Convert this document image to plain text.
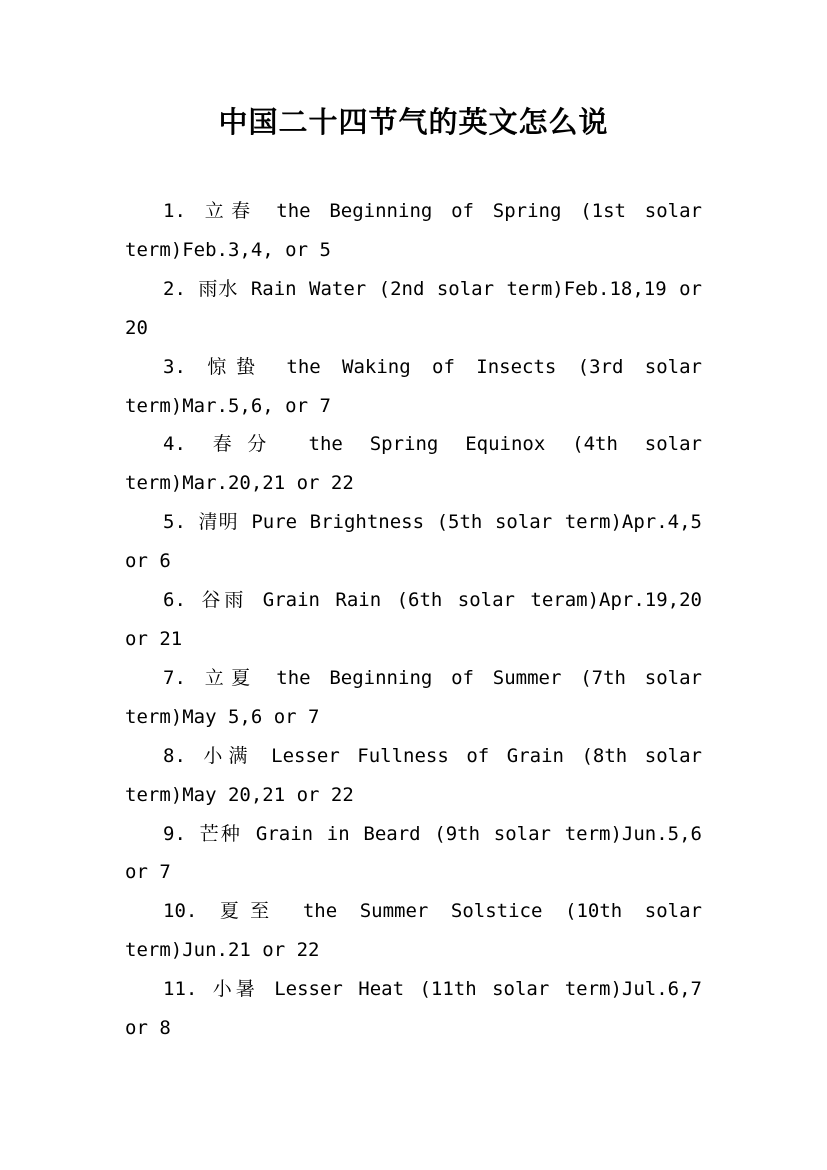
中国二十四节气的英文怎么说

1. 立春 the Beginning of Spring (1st solar term)Feb.3,4, or 5

2. 雨水 Rain Water (2nd solar term)Feb.18,19 or 20

3. 惊蛰 the Waking of Insects (3rd solar term)Mar.5,6, or 7

4. 春分 the Spring Equinox (4th solar term)Mar.20,21 or 22

5. 清明 Pure Brightness (5th solar term)Apr.4,5 or 6

6. 谷雨 Grain Rain (6th solar teram)Apr.19,20 or 21

7. 立夏 the Beginning of Summer (7th solar term)May 5,6 or 7

8. 小满 Lesser Fullness of Grain (8th solar term)May 20,21 or 22

9. 芒种 Grain in Beard (9th solar term)Jun.5,6 or 7

10. 夏至 the Summer Solstice (10th solar term)Jun.21 or 22

11. 小暑 Lesser Heat (11th solar term)Jul.6,7 or 8
